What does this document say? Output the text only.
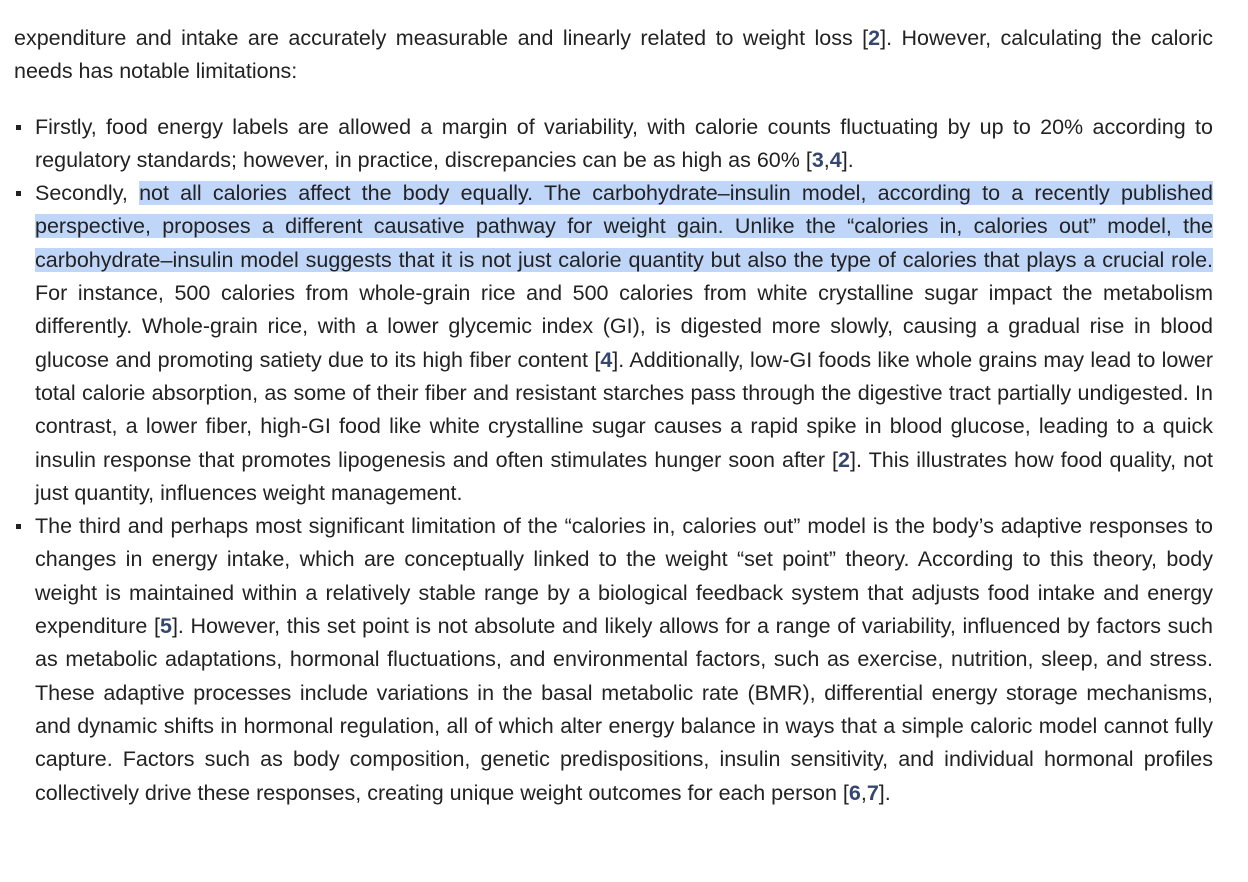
expenditure and intake are accurately measurable and linearly related to weight loss [2]. However, calculating the caloric needs has notable limitations:

Firstly, food energy labels are allowed a margin of variability, with calorie counts fluctuating by up to 20% according to regulatory standards; however, in practice, discrepancies can be as high as 60% [3,4].
Secondly, not all calories affect the body equally. The carbohydrate–insulin model, according to a recently published perspective, proposes a different causative pathway for weight gain. Unlike the “calories in, calories out” model, the carbohydrate–insulin model suggests that it is not just calorie quantity but also the type of calories that plays a crucial role. For instance, 500 calories from whole-grain rice and 500 calories from white crystalline sugar impact the metabolism differently. Whole-grain rice, with a lower glycemic index (GI), is digested more slowly, causing a gradual rise in blood glucose and promoting satiety due to its high fiber content [4]. Additionally, low-GI foods like whole grains may lead to lower total calorie absorption, as some of their fiber and resistant starches pass through the digestive tract partially undigested. In contrast, a lower fiber, high-GI food like white crystalline sugar causes a rapid spike in blood glucose, leading to a quick insulin response that promotes lipogenesis and often stimulates hunger soon after [2]. This illustrates how food quality, not just quantity, influences weight management.
The third and perhaps most significant limitation of the “calories in, calories out” model is the body’s adaptive responses to changes in energy intake, which are conceptually linked to the weight “set point” theory. According to this theory, body weight is maintained within a relatively stable range by a biological feedback system that adjusts food intake and energy expenditure [5]. However, this set point is not absolute and likely allows for a range of variability, influenced by factors such as metabolic adaptations, hormonal fluctuations, and environmental factors, such as exercise, nutrition, sleep, and stress. These adaptive processes include variations in the basal metabolic rate (BMR), differential energy storage mechanisms, and dynamic shifts in hormonal regulation, all of which alter energy balance in ways that a simple caloric model cannot fully capture. Factors such as body composition, genetic predispositions, insulin sensitivity, and individual hormonal profiles collectively drive these responses, creating unique weight outcomes for each person [6,7].
